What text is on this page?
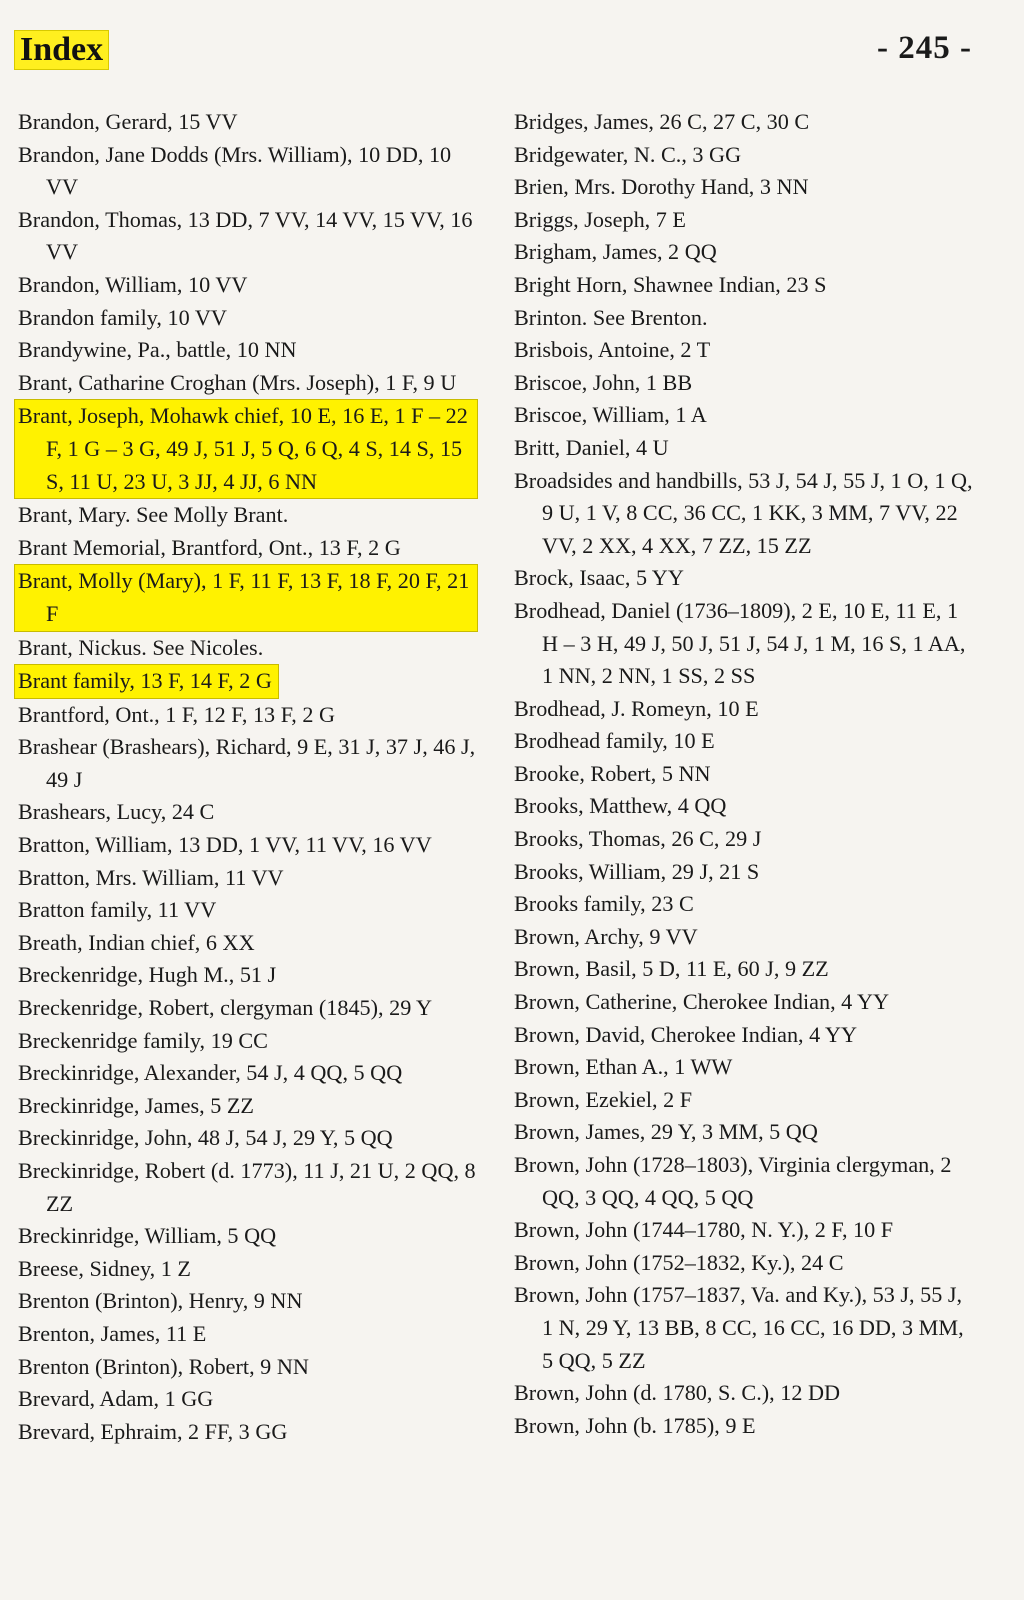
Index	- 245 -
Brandon, Gerard, 15 VV
Brandon, Jane Dodds (Mrs. William), 10 DD, 10 VV
Brandon, Thomas, 13 DD, 7 VV, 14 VV, 15 VV, 16 VV
Brandon, William, 10 VV
Brandon family, 10 VV
Brandywine, Pa., battle, 10 NN
Brant, Catharine Croghan (Mrs. Joseph), 1 F, 9 U
Brant, Joseph, Mohawk chief, 10 E, 16 E, 1 F – 22 F, 1 G – 3 G, 49 J, 51 J, 5 Q, 6 Q, 4 S, 14 S, 15 S, 11 U, 23 U, 3 JJ, 4 JJ, 6 NN
Brant, Mary. See Molly Brant.
Brant Memorial, Brantford, Ont., 13 F, 2 G
Brant, Molly (Mary), 1 F, 11 F, 13 F, 18 F, 20 F, 21 F
Brant, Nickus. See Nicoles.
Brant family, 13 F, 14 F, 2 G

Brantford, Ont., 1 F, 12 F, 13 F, 2 G
Brashear (Brashears), Richard, 9 E, 31 J, 37 J, 46 J, 49 J
Brashears, Lucy, 24 C
Bratton, William, 13 DD, 1 VV, 11 VV, 16 VV
Bratton, Mrs. William, 11 VV
Bratton family, 11 VV
Breath, Indian chief, 6 XX
Breckenridge, Hugh M., 51 J
Breckenridge, Robert, clergyman (1845), 29 Y
Breckenridge family, 19 CC
Breckinridge, Alexander, 54 J, 4 QQ, 5 QQ
Breckinridge, James, 5 ZZ
Breckinridge, John, 48 J, 54 J, 29 Y, 5 QQ
Breckinridge, Robert (d. 1773), 11 J, 21 U, 2 QQ, 8 ZZ
Breckinridge, William, 5 QQ
Breese, Sidney, 1 Z
Brenton (Brinton), Henry, 9 NN
Brenton, James, 11 E
Brenton (Brinton), Robert, 9 NN
Brevard, Adam, 1 GG
Brevard, Ephraim, 2 FF, 3 GG
Bridges, James, 26 C, 27 C, 30 C
Bridgewater, N. C., 3 GG
Brien, Mrs. Dorothy Hand, 3 NN
Briggs, Joseph, 7 E
Brigham, James, 2 QQ
Bright Horn, Shawnee Indian, 23 S
Brinton. See Brenton.
Brisbois, Antoine, 2 T
Briscoe, John, 1 BB
Briscoe, William, 1 A
Britt, Daniel, 4 U
Broadsides and handbills, 53 J, 54 J, 55 J, 1 O, 1 Q, 9 U, 1 V, 8 CC, 36 CC, 1 KK, 3 MM, 7 VV, 22 VV, 2 XX, 4 XX, 7 ZZ, 15 ZZ
Brock, Isaac, 5 YY
Brodhead, Daniel (1736–1809), 2 E, 10 E, 11 E, 1 H – 3 H, 49 J, 50 J, 51 J, 54 J, 1 M, 16 S, 1 AA, 1 NN, 2 NN, 1 SS, 2 SS
Brodhead, J. Romeyn, 10 E
Brodhead family, 10 E
Brooke, Robert, 5 NN
Brooks, Matthew, 4 QQ
Brooks, Thomas, 26 C, 29 J
Brooks, William, 29 J, 21 S
Brooks family, 23 C
Brown, Archy, 9 VV
Brown, Basil, 5 D, 11 E, 60 J, 9 ZZ
Brown, Catherine, Cherokee Indian, 4 YY
Brown, David, Cherokee Indian, 4 YY
Brown, Ethan A., 1 WW
Brown, Ezekiel, 2 F
Brown, James, 29 Y, 3 MM, 5 QQ
Brown, John (1728–1803), Virginia clergyman, 2 QQ, 3 QQ, 4 QQ, 5 QQ
Brown, John (1744–1780, N. Y.), 2 F, 10 F
Brown, John (1752–1832, Ky.), 24 C
Brown, John (1757–1837, Va. and Ky.), 53 J, 55 J, 1 N, 29 Y, 13 BB, 8 CC, 16 CC, 16 DD, 3 MM, 5 QQ, 5 ZZ
Brown, John (d. 1780, S. C.), 12 DD
Brown, John (b. 1785), 9 E
